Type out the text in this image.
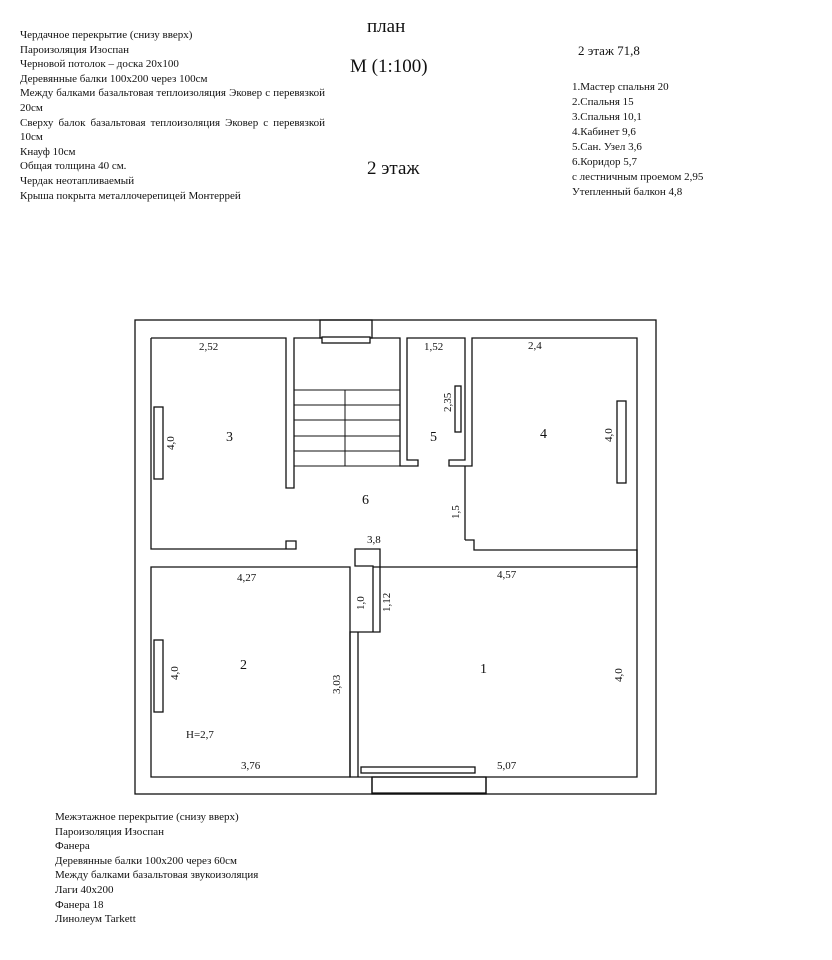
план
М (1:100)
2 этаж
2 этаж 71,8
Чердачное перекрытие (снизу вверх)
Пароизоляция Изоспан
Черновой потолок – доска 20х100
Деревянные балки 100х200 через 100см
Между балками базальтовая теплоизоляция Эковер с перевязкой 20см
Сверху балок базальтовая теплоизоляция Эковер с перевязкой 10см
Кнауф 10см
Общая толщина 40 см.
Чердак неотапливаемый
Крыша покрыта металлочерепицей Монтеррей
1.Мастер спальня 20
2.Спальня 15
3.Спальня 10,1
4.Кабинет 9,6
5.Сан. Узел 3,6
6.Коридор 5,7
с лестничным проемом 2,95
Утепленный балкон 4,8
1
2
3	4
5
6
2,52	1,52	2,4
4,0
2,35
4,0
1,5
3,8
4,27	4,57
1,0 1,12
4,0
3,03	4,0
3,76	5,07
H=2,7
Межэтажное перекрытие (снизу вверх)
Пароизоляция Изоспан
Фанера
Деревянные балки 100х200 через 60см
Между балками базальтовая звукоизоляция
Лаги 40х200
Фанера 18
Линолеум Tarkett
